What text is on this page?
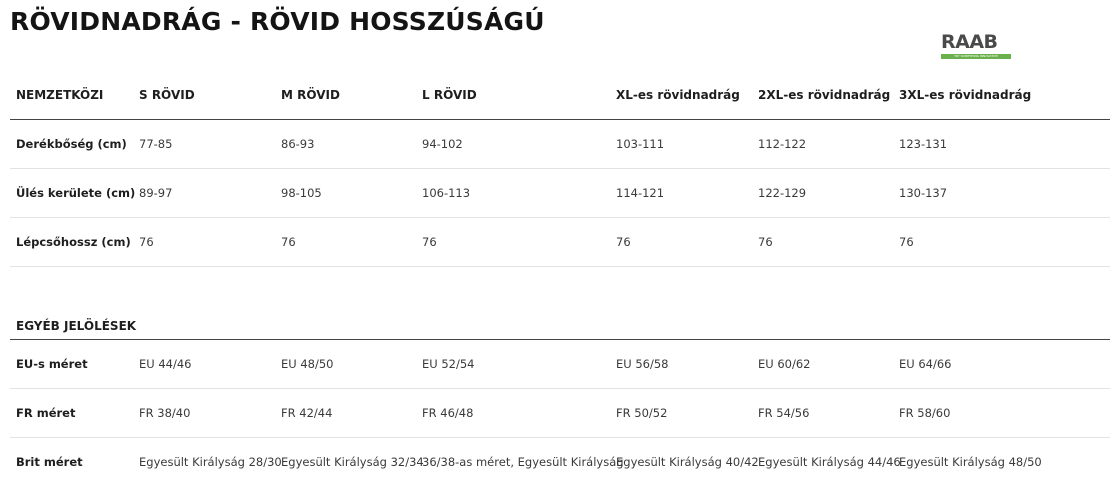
RÖVIDNADRÁG - RÖVID HOSSZÚSÁGÚ
RAAB
TRY SOMETHING INNOVATIVE
NEMZETKÖZI	S RÖVID	M RÖVID	L RÖVID	XL-es rövidnadrág	2XL-es rövidnadrág	3XL-es rövidnadrág
Derékbőség (cm)	77-85	86-93	94-102	103-111	112-122	123-131
Ülés kerülete (cm)	89-97	98-105	106-113	114-121	122-129	130-137
Lépcsőhossz (cm)	76	76	76	76	76	76

EGYÉB JELÖLÉSEK						
EU-s méret	EU 44/46	EU 48/50	EU 52/54	EU 56/58	EU 60/62	EU 64/66
FR méret	FR 38/40	FR 42/44	FR 46/48	FR 50/52	FR 54/56	FR 58/60
Brit méret	Egyesült Királyság 28/30	Egyesült Királyság 32/34	36/38-as méret, Egyesült Királyság	Egyesült Királyság 40/42	Egyesült Királyság 44/46	Egyesült Királyság 48/50
